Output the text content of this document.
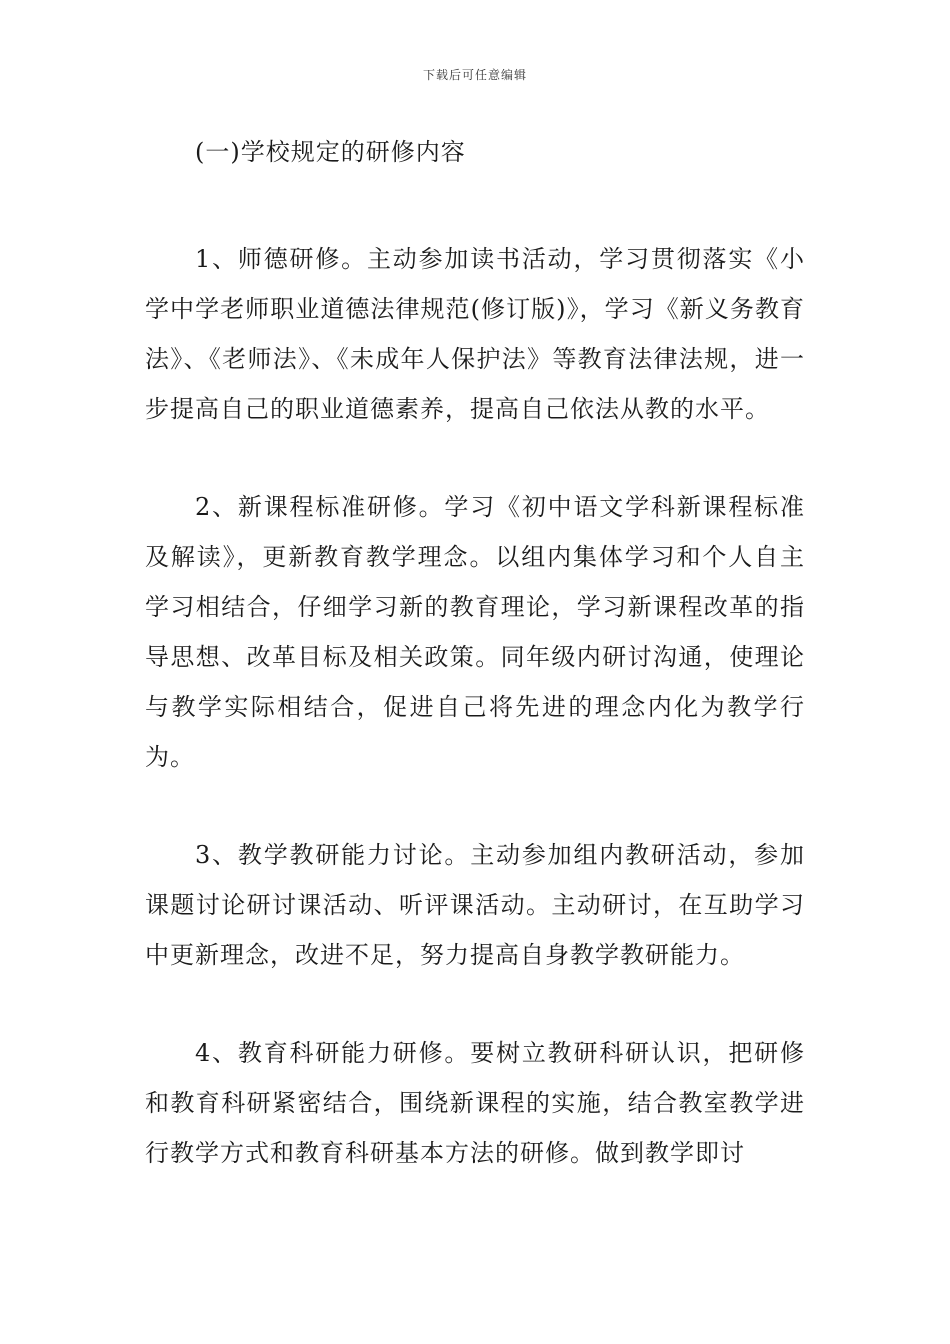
下载后可任意编辑
(一)学校规定的研修内容

1、师德研修。主动参加读书活动，学习贯彻落实《小学中学老师职业道德法律规范(修订版)》，学习《新义务教育法》、《老师法》、《未成年人保护法》等教育法律法规，进一步提高自己的职业道德素养，提高自己依法从教的水平。

2、新课程标准研修。学习《初中语文学科新课程标准及解读》，更新教育教学理念。以组内集体学习和个人自主学习相结合，仔细学习新的教育理论，学习新课程改革的指导思想、改革目标及相关政策。同年级内研讨沟通，使理论与教学实际相结合，促进自己将先进的理念内化为教学行为。

3、教学教研能力讨论。主动参加组内教研活动，参加课题讨论研讨课活动、听评课活动。主动研讨，在互助学习中更新理念，改进不足，努力提高自身教学教研能力。

4、教育科研能力研修。要树立教研科研认识，把研修和教育科研紧密结合，围绕新课程的实施，结合教室教学进行教学方式和教育科研基本方法的研修。做到教学即讨
